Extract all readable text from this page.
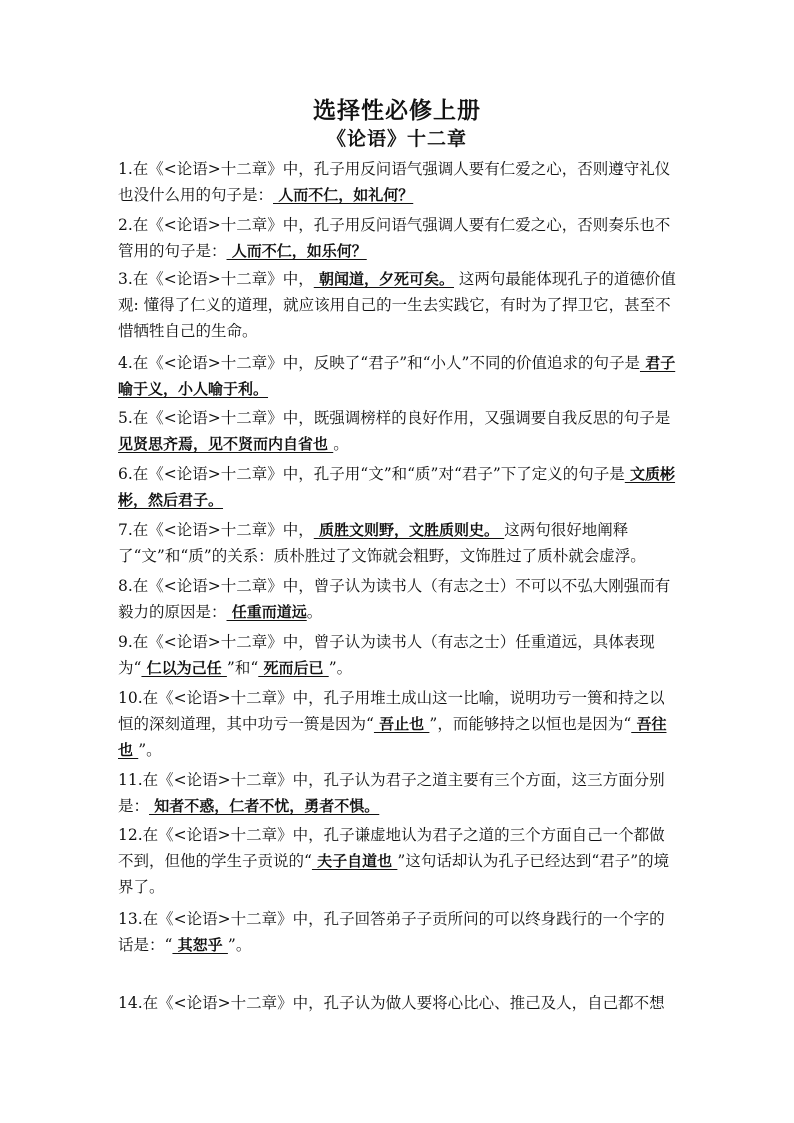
选择性必修上册
《论语》十二章
1.在《<论语>十二章》中，孔子用反问语气强调人要有仁爱之心，否则遵守礼仪也没什么用的句子是： 人而不仁，如礼何？
2.在《<论语>十二章》中，孔子用反问语气强调人要有仁爱之心，否则奏乐也不管用的句子是： 人而不仁，如乐何？
3.在《<论语>十二章》中， 朝闻道，夕死可矣。 这两句最能体现孔子的道德价值观: 懂得了仁义的道理，就应该用自己的一生去实践它，有时为了捍卫它，甚至不惜牺牲自己的生命。
4.在《<论语>十二章》中，反映了“君子”和“小人”不同的价值追求的句子是 君子喻于义，小人喻于利。
5.在《<论语>十二章》中，既强调榜样的良好作用，又强调要自我反思的句子是 见贤思齐焉，见不贤而内自省也 。
6.在《<论语>十二章》中，孔子用“文”和“质”对“君子”下了定义的句子是 文质彬彬，然后君子。
7.在《<论语>十二章》中， 质胜文则野，文胜质则史。 这两句很好地阐释了“文”和“质”的关系：质朴胜过了文饰就会粗野，文饰胜过了质朴就会虚浮。
8.在《<论语>十二章》中，曾子认为读书人（有志之士）不可以不弘大刚强而有毅力的原因是： 任重而道远。
9.在《<论语>十二章》中，曾子认为读书人（有志之士）任重道远，具体表现为“ 仁以为己任 ”和“ 死而后已 ”。
10.在《<论语>十二章》中，孔子用堆土成山这一比喻，说明功亏一篑和持之以恒的深刻道理，其中功亏一篑是因为“ 吾止也 ”，而能够持之以恒也是因为“ 吾往也 ”。
11.在《<论语>十二章》中，孔子认为君子之道主要有三个方面，这三方面分别是： 知者不惑，仁者不忧，勇者不惧。
12.在《<论语>十二章》中，孔子谦虚地认为君子之道的三个方面自己一个都做不到，但他的学生子贡说的“ 夫子自道也 ”这句话却认为孔子已经达到“君子”的境界了。
13.在《<论语>十二章》中，孔子回答弟子子贡所问的可以终身践行的一个字的话是：“ 其恕乎 ”。
14.在《<论语>十二章》中，孔子认为做人要将心比心、推己及人，自己都不想
